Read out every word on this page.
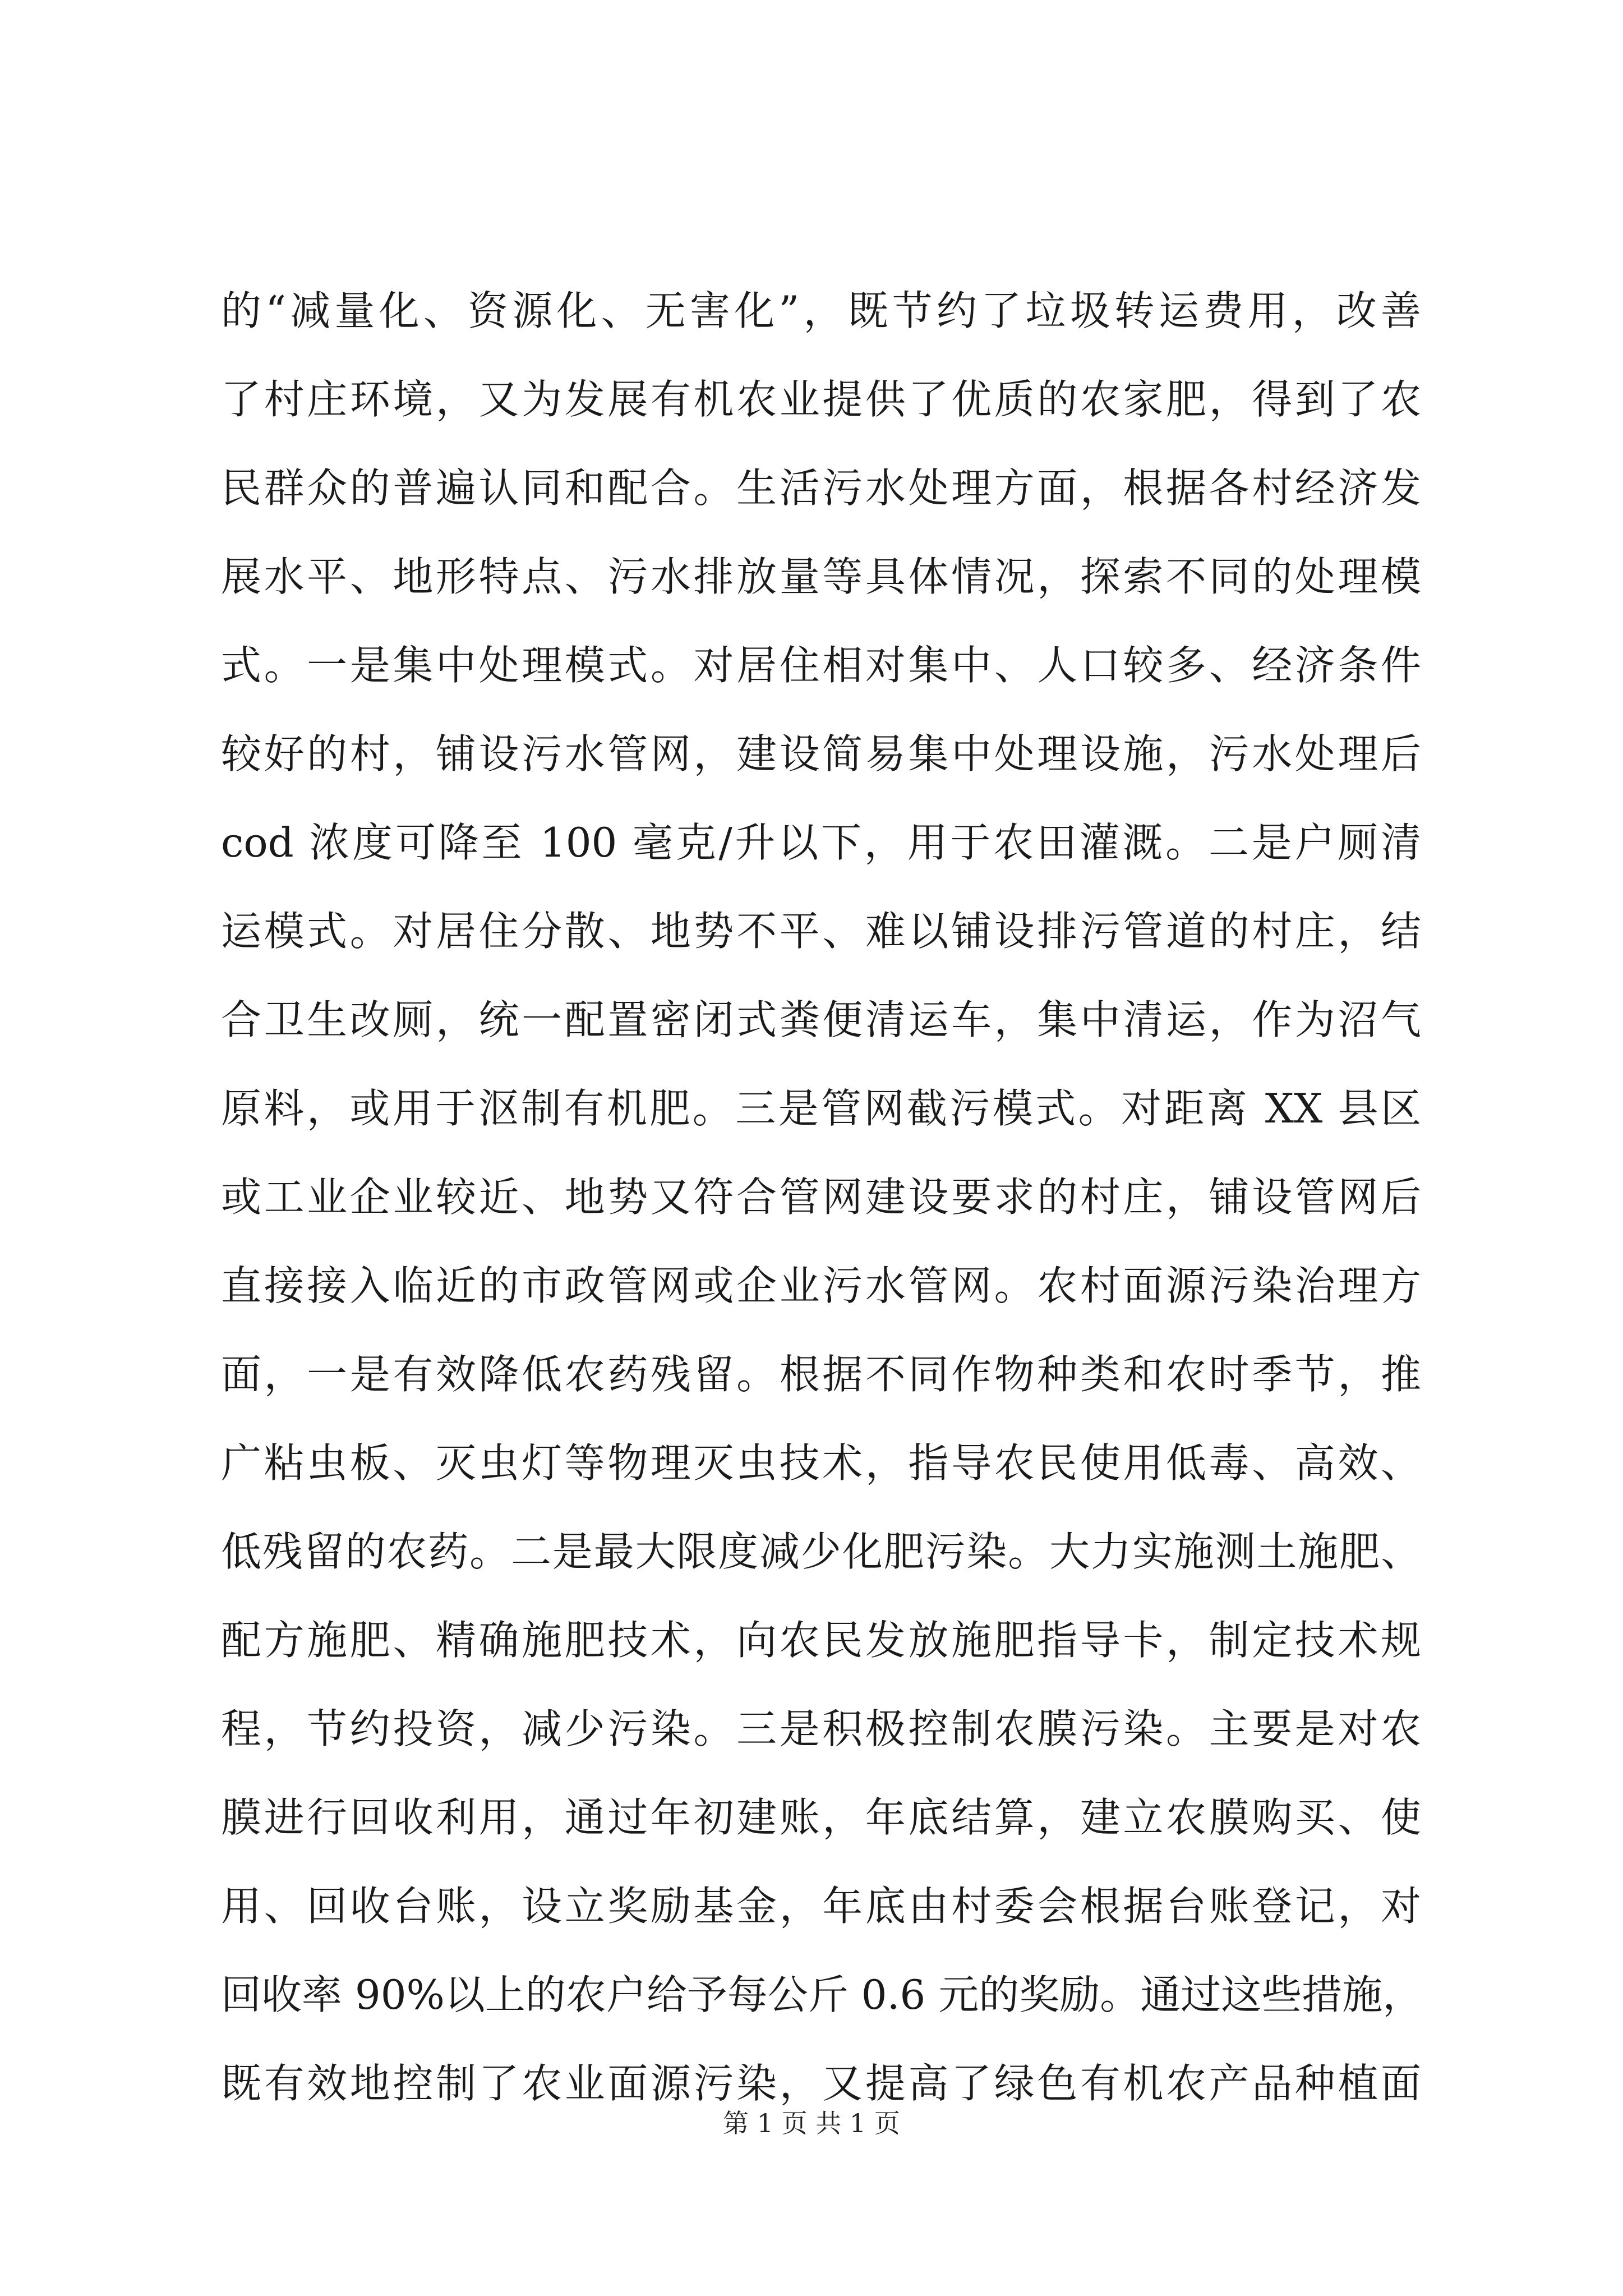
的“减量化、资源化、无害化”，既节约了垃圾转运费用，改善
了村庄环境，又为发展有机农业提供了优质的农家肥，得到了农
民群众的普遍认同和配合。生活污水处理方面，根据各村经济发
展水平、地形特点、污水排放量等具体情况，探索不同的处理模
式。一是集中处理模式。对居住相对集中、人口较多、经济条件
较好的村，铺设污水管网，建设简易集中处理设施，污水处理后
cod 浓度可降至 100 毫克/升以下，用于农田灌溉。二是户厕清
运模式。对居住分散、地势不平、难以铺设排污管道的村庄，结
合卫生改厕，统一配置密闭式粪便清运车，集中清运，作为沼气
原料，或用于沤制有机肥。三是管网截污模式。对距离 XX 县区
或工业企业较近、地势又符合管网建设要求的村庄，铺设管网后
直接接入临近的市政管网或企业污水管网。农村面源污染治理方
面，一是有效降低农药残留。根据不同作物种类和农时季节，推
广粘虫板、灭虫灯等物理灭虫技术，指导农民使用低毒、高效、
低残留的农药。二是最大限度减少化肥污染。大力实施测土施肥、
配方施肥、精确施肥技术，向农民发放施肥指导卡，制定技术规
程，节约投资，减少污染。三是积极控制农膜污染。主要是对农
膜进行回收利用，通过年初建账，年底结算，建立农膜购买、使
用、回收台账，设立奖励基金，年底由村委会根据台账登记，对
回收率 90%以上的农户给予每公斤 0.6 元的奖励。通过这些措施，
既有效地控制了农业面源污染，又提高了绿色有机农产品种植面
第 1 页 共 1 页
